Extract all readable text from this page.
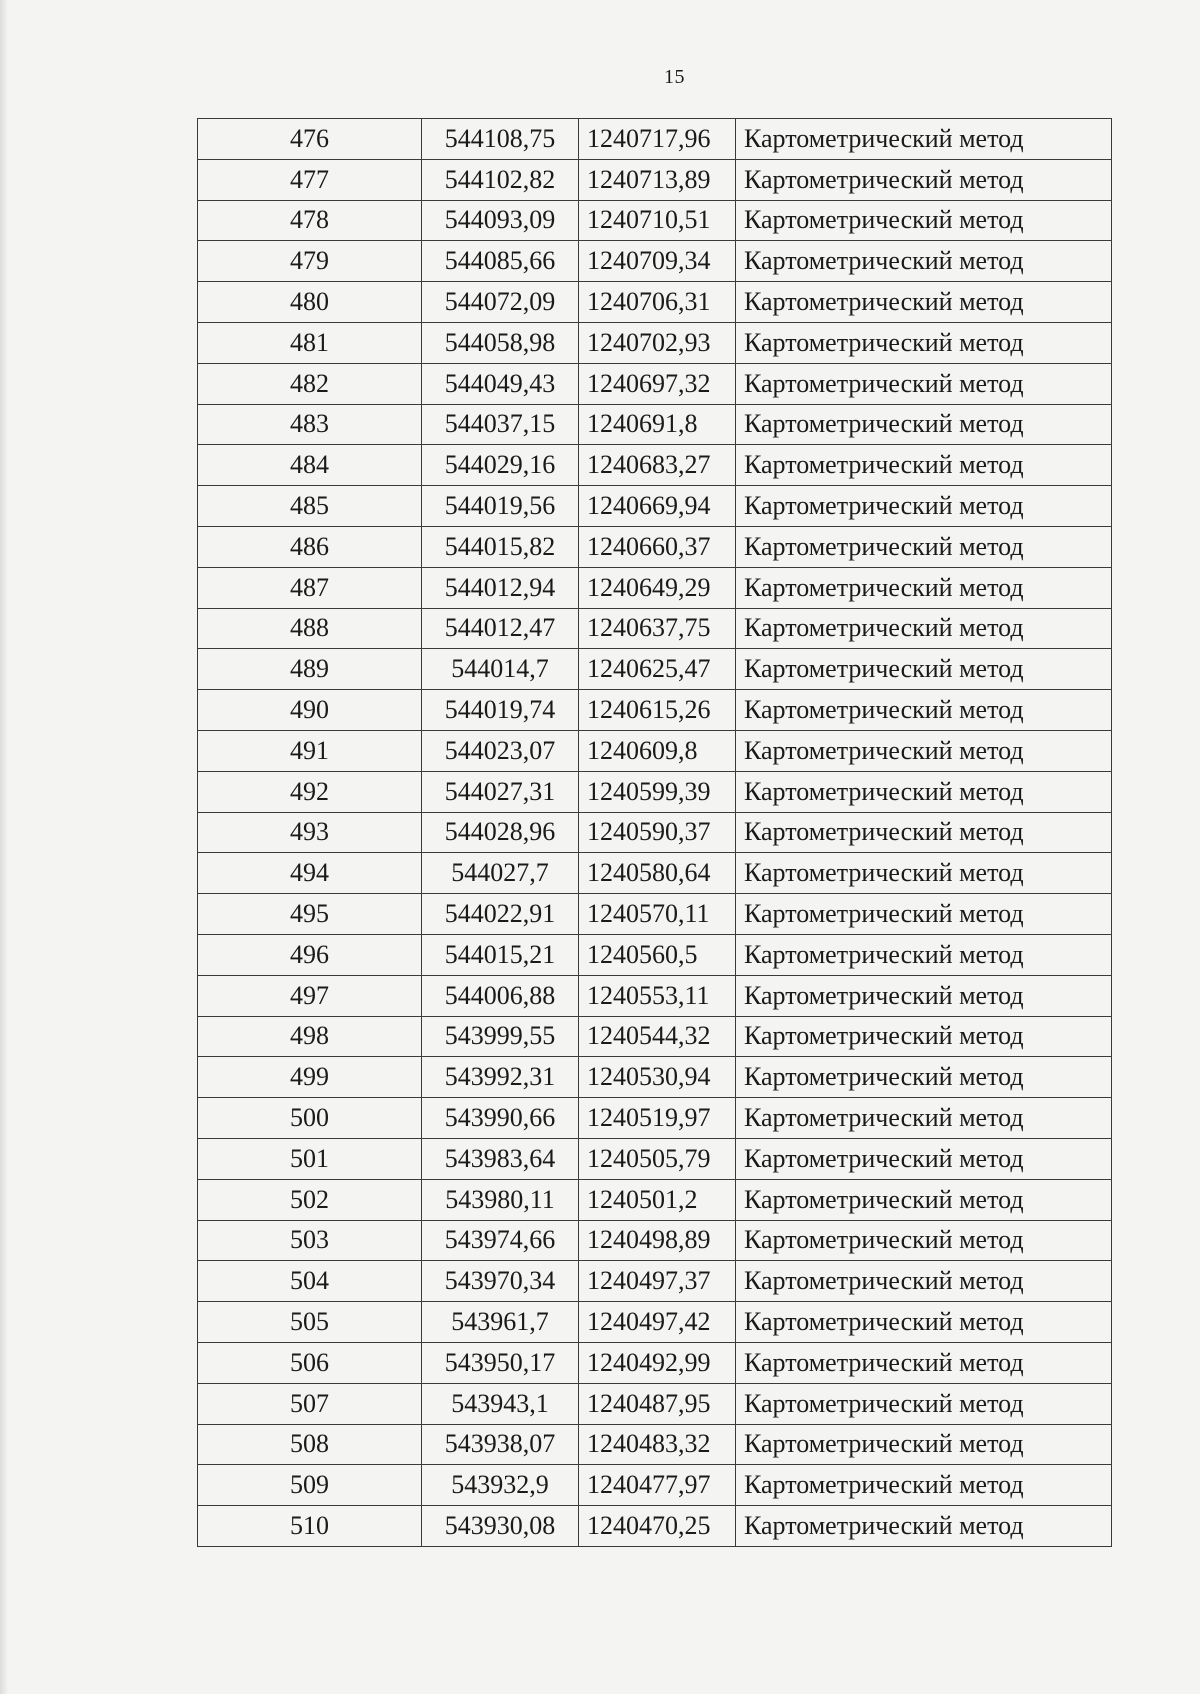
15
476	544108,75	1240717,96	Картометрический метод
477	544102,82	1240713,89	Картометрический метод
478	544093,09	1240710,51	Картометрический метод
479	544085,66	1240709,34	Картометрический метод
480	544072,09	1240706,31	Картометрический метод
481	544058,98	1240702,93	Картометрический метод
482	544049,43	1240697,32	Картометрический метод
483	544037,15	1240691,8	Картометрический метод
484	544029,16	1240683,27	Картометрический метод
485	544019,56	1240669,94	Картометрический метод
486	544015,82	1240660,37	Картометрический метод
487	544012,94	1240649,29	Картометрический метод
488	544012,47	1240637,75	Картометрический метод
489	544014,7	1240625,47	Картометрический метод
490	544019,74	1240615,26	Картометрический метод
491	544023,07	1240609,8	Картометрический метод
492	544027,31	1240599,39	Картометрический метод
493	544028,96	1240590,37	Картометрический метод
494	544027,7	1240580,64	Картометрический метод
495	544022,91	1240570,11	Картометрический метод
496	544015,21	1240560,5	Картометрический метод
497	544006,88	1240553,11	Картометрический метод
498	543999,55	1240544,32	Картометрический метод
499	543992,31	1240530,94	Картометрический метод
500	543990,66	1240519,97	Картометрический метод
501	543983,64	1240505,79	Картометрический метод
502	543980,11	1240501,2	Картометрический метод
503	543974,66	1240498,89	Картометрический метод
504	543970,34	1240497,37	Картометрический метод
505	543961,7	1240497,42	Картометрический метод
506	543950,17	1240492,99	Картометрический метод
507	543943,1	1240487,95	Картометрический метод
508	543938,07	1240483,32	Картометрический метод
509	543932,9	1240477,97	Картометрический метод
510	543930,08	1240470,25	Картометрический метод
